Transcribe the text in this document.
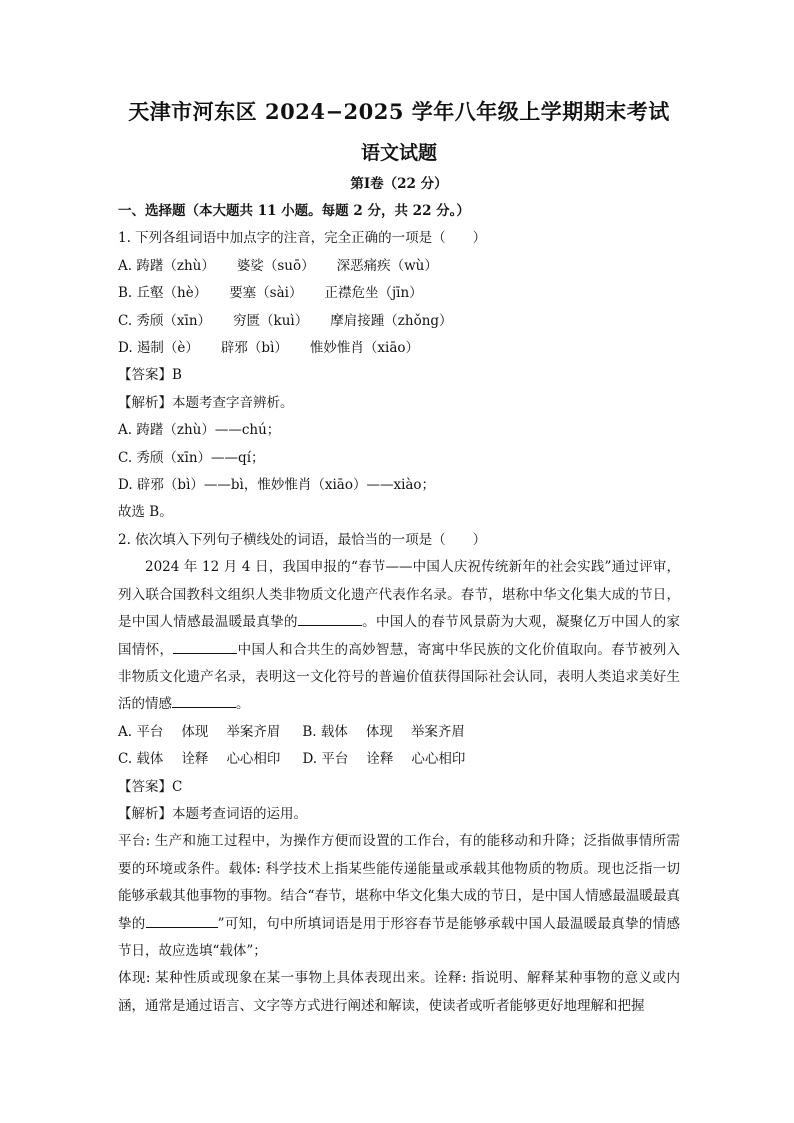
天津市河东区 2024−2025 学年八年级上学期期末考试
语文试题
第Ⅰ卷（22 分）
一、选择题（本大题共 11 小题。每题 2 分，共 22 分。）
1. 下列各组词语中加点字的注音，完全正确的一项是（　　）
A. 踌躇（zhù） 婆娑（suō） 深恶痛疾（wù）
B. 丘壑（hè） 要塞（sài） 正襟危坐（jīn）
C. 秀颀（xīn） 穷匮（kuì） 摩肩接踵（zhǒng）
D. 遏制（è） 辟邪（bì） 惟妙惟肖（xiāo）
【答案】B
【解析】本题考查字音辨析。
A. 踌躇（zhù）——chú；
C. 秀颀（xīn）——qí；
D. 辟邪（bì）——bì，惟妙惟肖（xiāo）——xiào；
故选 B。
2. 依次填入下列句子横线处的词语，最恰当的一项是（　　）
2024 年 12 月 4 日，我国申报的“春节——中国人庆祝传统新年的社会实践”通过评审，列入联合国教科文组织人类非物质文化遗产代表作名录。春节，堪称中华文化集大成的节日，是中国人情感最温暖最真挚的	。中国人的春节风景蔚为大观，凝聚亿万中国人的家国情怀，	中国人和合共生的高妙智慧，寄寓中华民族的文化价值取向。春节被列入非物质文化遗产名录，表明这一文化符号的普遍价值获得国际社会认同，表明人类追求美好生活的情感	。
A. 平台 体现 举案齐眉 B. 载体 体现 举案齐眉
C. 载体 诠释 心心相印 D. 平台 诠释 心心相印
【答案】C
【解析】本题考查词语的运用。
平台: 生产和施工过程中，为操作方便而设置的工作台，有的能移动和升降；泛指做事情所需要的环境或条件。载体: 科学技术上指某些能传递能量或承载其他物质的物质。现也泛指一切能够承载其他事物的事物。结合“春节，堪称中华文化集大成的节日，是中国人情感最温暖最真挚的	”可知，句中所填词语是用于形容春节是能够承载中国人最温暖最真挚的情感节日，故应选填“载体”；
体现: 某种性质或现象在某一事物上具体表现出来。诠释: 指说明、解释某种事物的意义或内涵，通常是通过语言、文字等方式进行阐述和解读，使读者或听者能够更好地理解和把握
